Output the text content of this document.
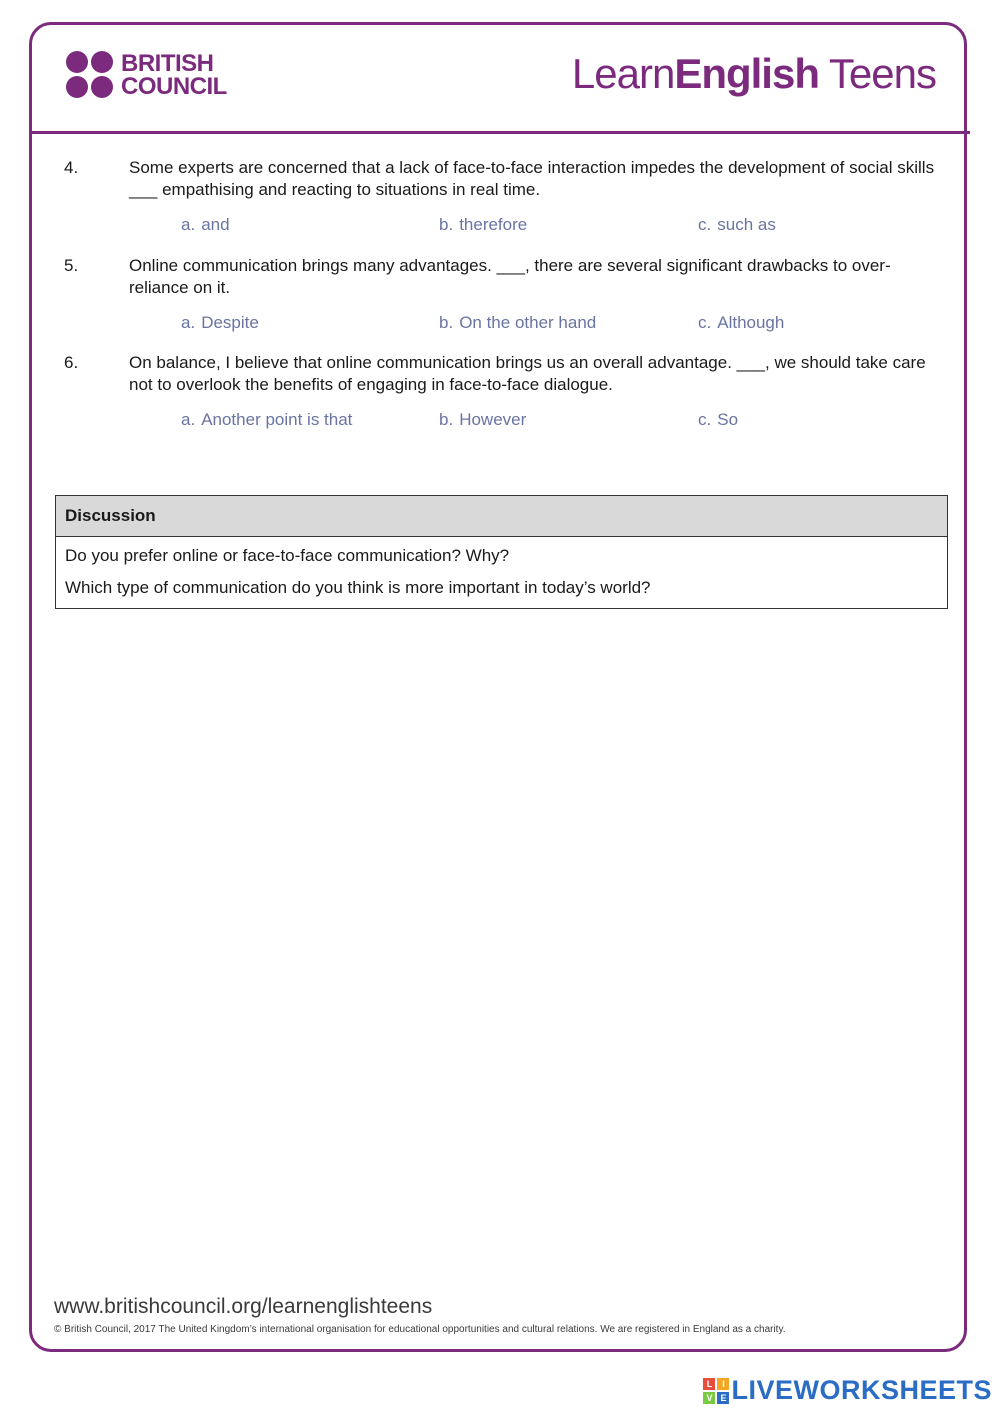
BRITISH
COUNCIL	LearnEnglish Teens
4.	Some experts are concerned that a lack of face-to-face interaction impedes the development of social skills ___ empathising and reacting to situations in real time.
a. and	b. therefore	c. such as
5.	Online communication brings many advantages. ___, there are several significant drawbacks to over-reliance on it.
a. Despite	b. On the other hand	c. Although
6.	On balance, I believe that online communication brings us an overall advantage. ___, we should take care not to overlook the benefits of engaging in face-to-face dialogue.
a. Another point is that	b. However	c. So
Discussion
Do you prefer online or face-to-face communication? Why?
Which type of communication do you think is more important in today’s world?
www.britishcouncil.org/learnenglishteens
© British Council, 2017 The United Kingdom’s international organisation for educational opportunities and cultural relations. We are registered in England as a charity.
L	I
V E LIVEWORKSHEETS
